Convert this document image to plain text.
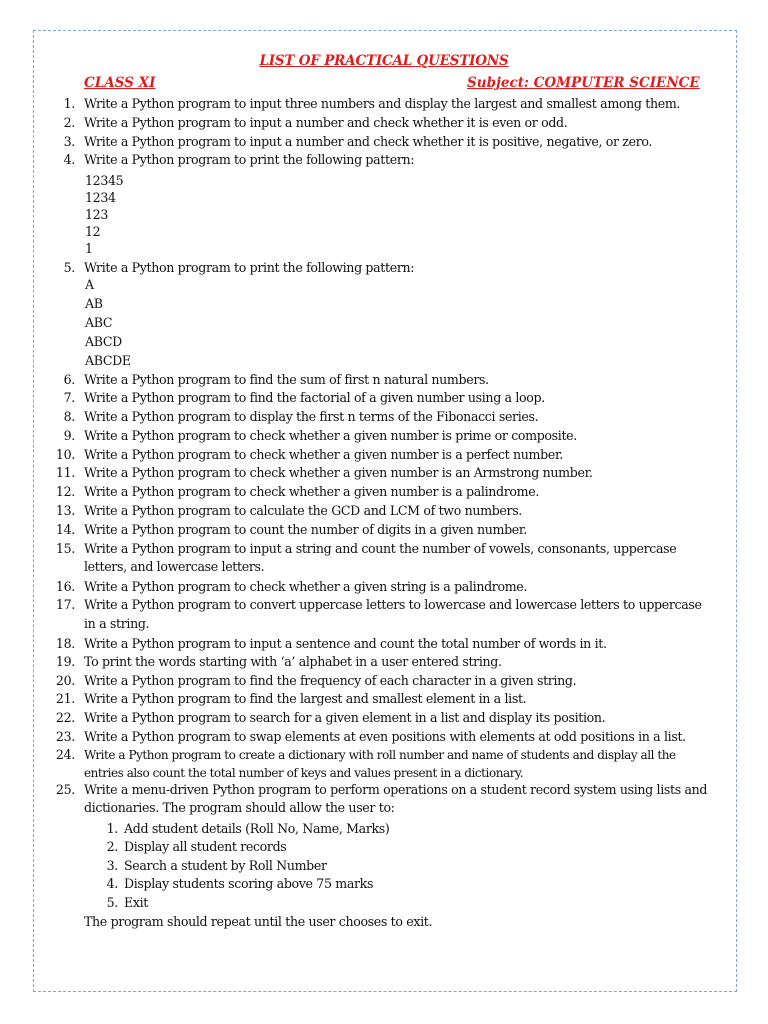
LIST OF PRACTICAL QUESTIONS
CLASS XI	Subject: COMPUTER SCIENCE
1. Write a Python program to input three numbers and display the largest and smallest among them.
2. Write a Python program to input a number and check whether it is even or odd.
3. Write a Python program to input a number and check whether it is positive, negative, or zero.
4. Write a Python program to print the following pattern:
5. Write a Python program to print the following pattern:
6. Write a Python program to find the sum of first n natural numbers.
7. Write a Python program to find the factorial of a given number using a loop.
8. Write a Python program to display the first n terms of the Fibonacci series.
9. Write a Python program to check whether a given number is prime or composite.
10. Write a Python program to check whether a given number is a perfect number.
11. Write a Python program to check whether a given number is an Armstrong number.
12. Write a Python program to check whether a given number is a palindrome.
13. Write a Python program to calculate the GCD and LCM of two numbers.
14. Write a Python program to count the number of digits in a given number.
15. Write a Python program to input a string and count the number of vowels, consonants, uppercase
letters, and lowercase letters.
16. Write a Python program to check whether a given string is a palindrome.
17. Write a Python program to convert uppercase letters to lowercase and lowercase letters to uppercase
in a string.
18. Write a Python program to input a sentence and count the total number of words in it.
19. To print the words starting with ‘a’ alphabet in a user entered string.
20. Write a Python program to find the frequency of each character in a given string.
21. Write a Python program to find the largest and smallest element in a list.
22. Write a Python program to search for a given element in a list and display its position.
23. Write a Python program to swap elements at even positions with elements at odd positions in a list.
24. Write a Python program to create a dictionary with roll number and name of students and display all the
entries also count the total number of keys and values present in a dictionary.
25. Write a menu-driven Python program to perform operations on a student record system using lists and
dictionaries. The program should allow the user to:
12345
1234
123
12
1
A
AB
ABC
ABCD
ABCDE
1. Add student details (Roll No, Name, Marks)
2. Display all student records
3. Search a student by Roll Number
4. Display students scoring above 75 marks
5. Exit
The program should repeat until the user chooses to exit.
